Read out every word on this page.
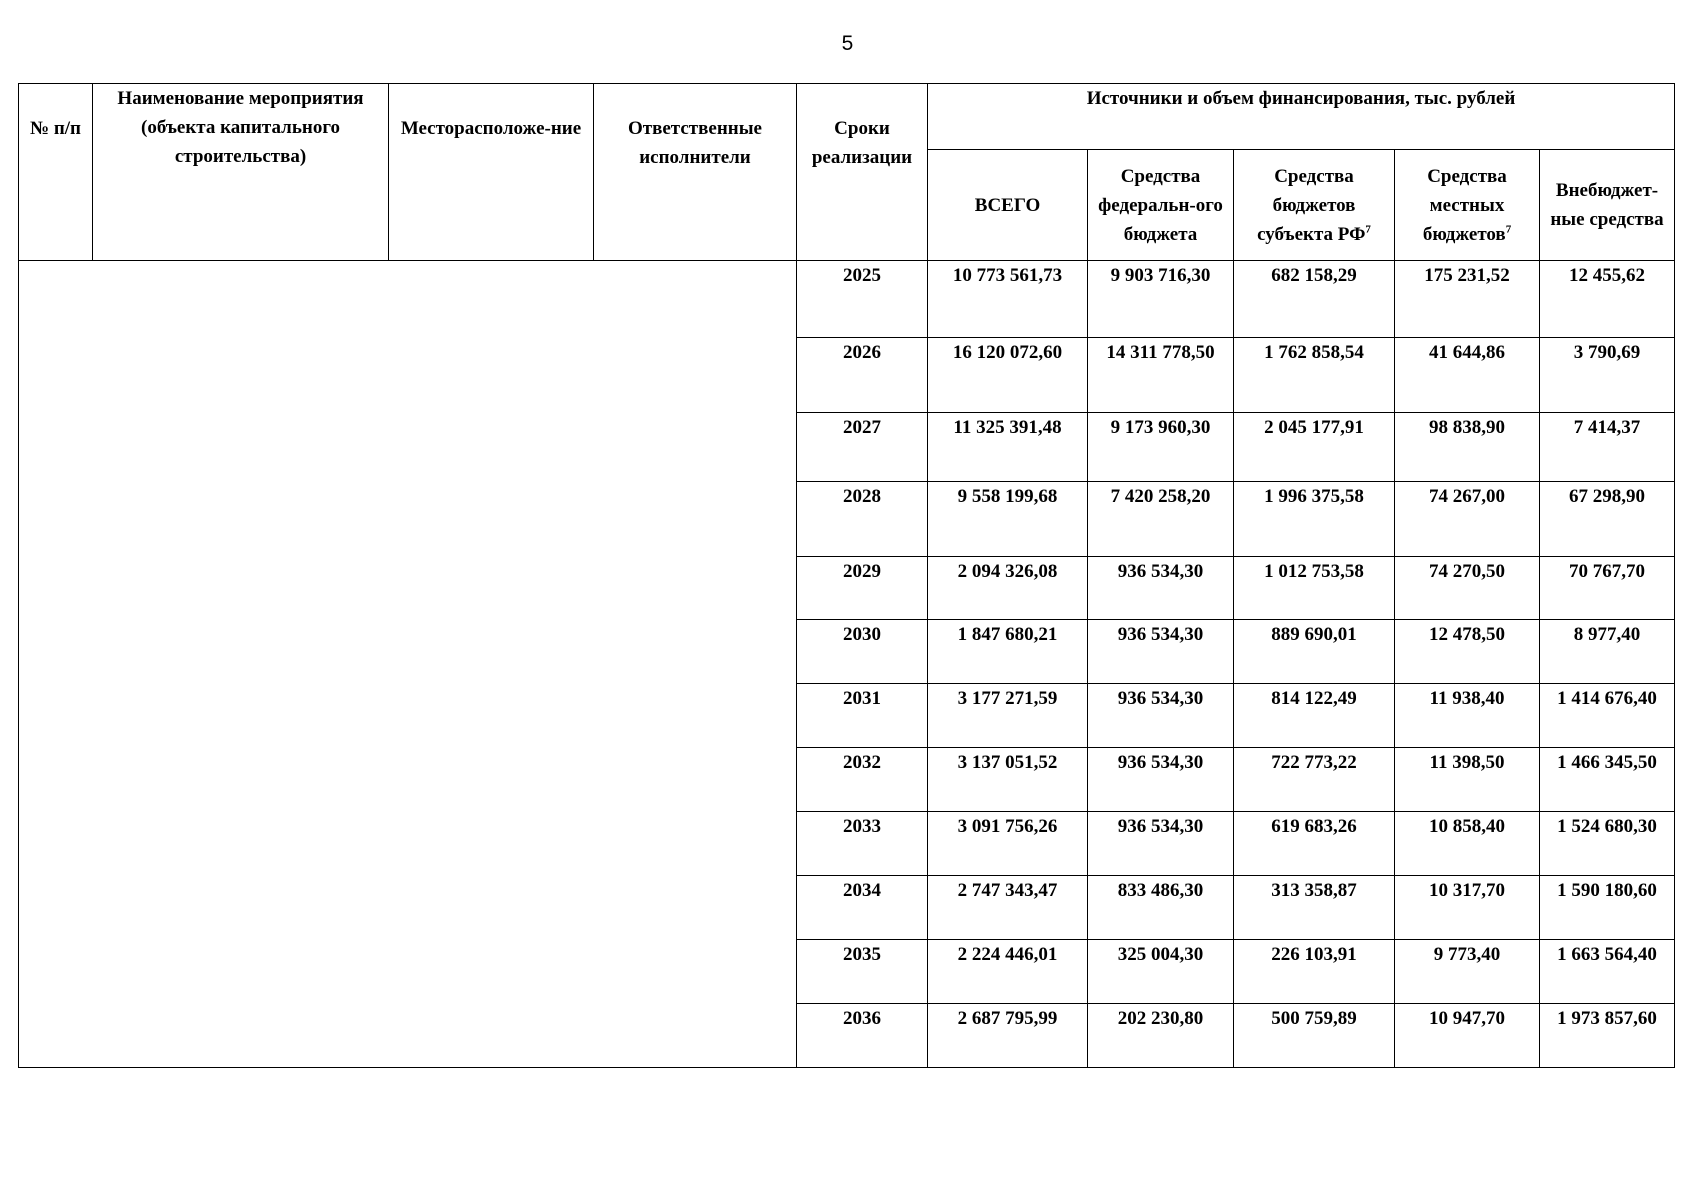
5
№ п/п	Наименование мероприятия (объекта капитального строительства)	Месторасположе-ние	Ответственные исполнители	Сроки реализации	Источники и объем финансирования, тыс. рублей				
					ВСЕГО	Средства федеральн-ого бюджета	Средства бюджетов субъекта $РФ^7$	Средства местных бюджетов$^7$	Внебюджет-ные средства
				2025	10 773 561,73	9 903 716,30	682 158,29	175 231,52	12 455,62
				2026	16 120 072,60	14 311 778,50	1 762 858,54	41 644,86	3 790,69
				2027	11 325 391,48	9 173 960,30	2 045 177,91	98 838,90	7 414,37
				2028	9 558 199,68	7 420 258,20	1 996 375,58	74 267,00	67 298,90
				2029	2 094 326,08	936 534,30	1 012 753,58	74 270,50	70 767,70
				2030	1 847 680,21	936 534,30	889 690,01	12 478,50	8 977,40
				2031	3 177 271,59	936 534,30	814 122,49	11 938,40	1 414 676,40
				2032	3 137 051,52	936 534,30	722 773,22	11 398,50	1 466 345,50
				2033	3 091 756,26	936 534,30	619 683,26	10 858,40	1 524 680,30
				2034	2 747 343,47	833 486,30	313 358,87	10 317,70	1 590 180,60
				2035	2 224 446,01	325 004,30	226 103,91	9 773,40	1 663 564,40
				2036	2 687 795,99	202 230,80	500 759,89	10 947,70	1 973 857,60
